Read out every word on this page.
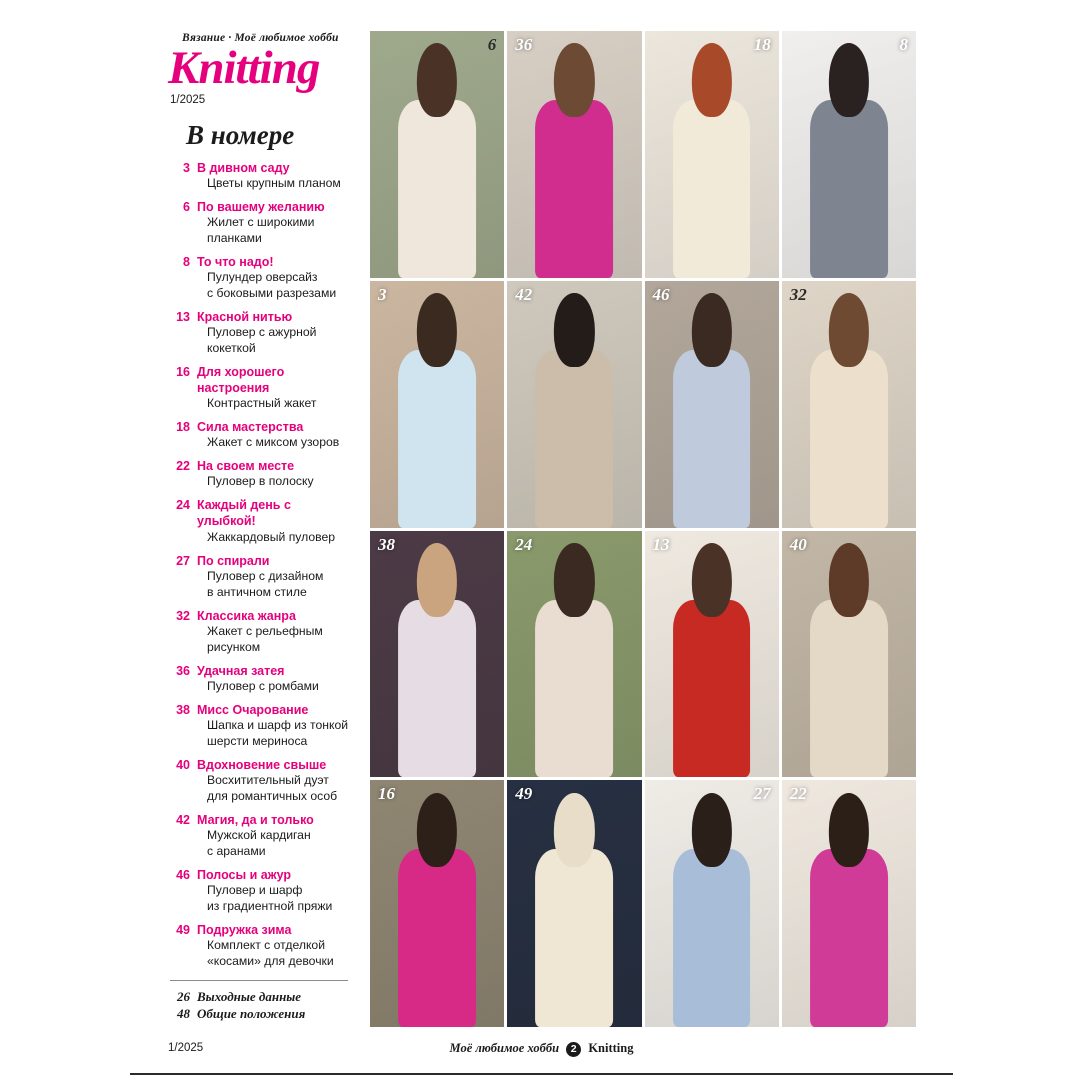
Вязание · Моё любимое хобби
Knitting
1/2025
В номере
3 В дивном саду
Цветы крупным планом
6 По вашему желанию
Жилет с широкими
планками
8 То что надо!
Пулундер оверсайз
с боковыми разрезами
13 Красной нитью
Пуловер с ажурной
кокеткой
16 Для хорошего настроения
Контрастный жакет
18 Сила мастерства
Жакет с миксом узоров
22 На своем месте
Пуловер в полоску
24 Каждый день с улыбкой!
Жаккардовый пуловер
27 По спирали
Пуловер с дизайном
в античном стиле
32 Классика жанра
Жакет с рельефным
рисунком
36 Удачная затея
Пуловер с ромбами
38 Мисс Очарование
Шапка и шарф из тонкой
шерсти мериноса
40 Вдохновение свыше
Восхитительный дуэт
для романтичных особ
42 Магия, да и только
Мужской кардиган
с аранами
46 Полосы и ажур
Пуловер и шарф
из градиентной пряжи
49 Подружка зима
Комплект с отделкой
«косами» для девочки
26 Выходные данные
48 Общие положения
6 36	18	8
3	42	46	32
38	24	13	40
16	49	27 22
1/2025	Моё любимое хобби 2 Knitting
